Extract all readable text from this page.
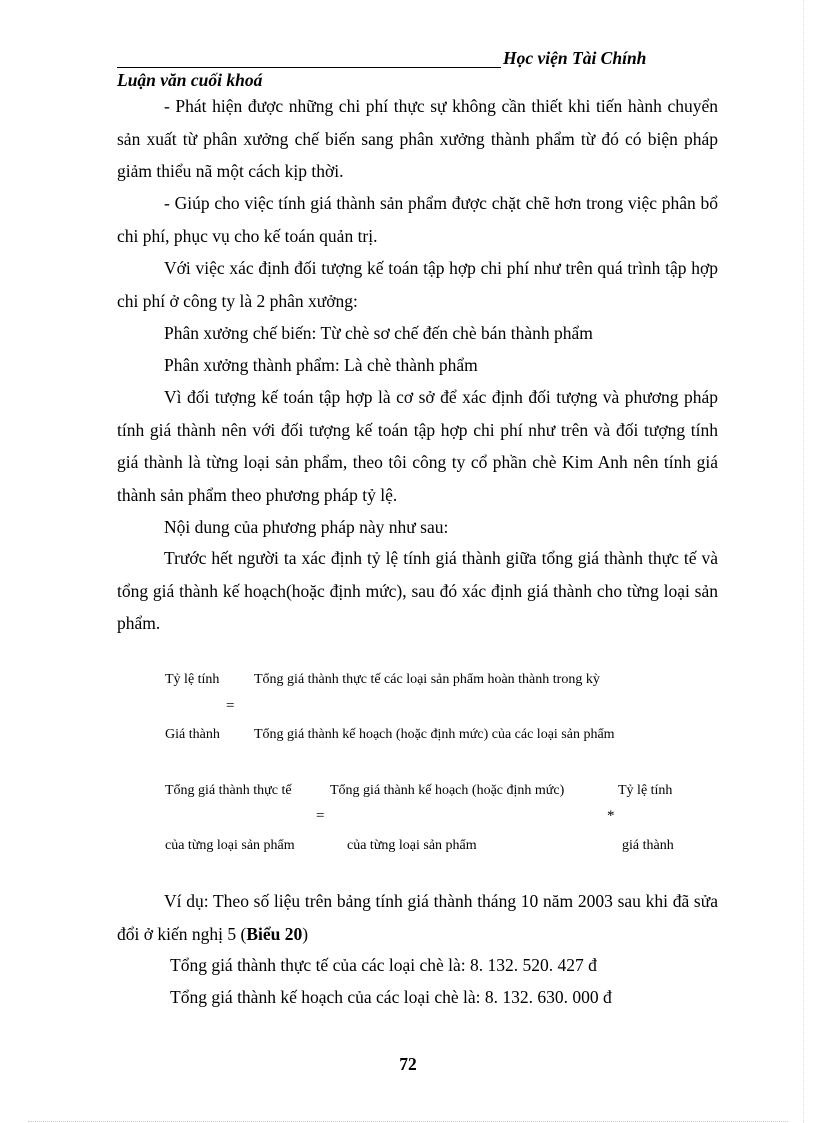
Học viện Tài Chính
Luận văn cuối khoá

- Phát hiện được những chi phí thực sự không cần thiết khi tiến hành chuyển sản xuất từ phân xưởng chế biến sang phân xưởng thành phẩm từ đó có biện pháp giảm thiểu nã một cách kịp thời.

- Giúp cho việc tính giá thành sản phẩm được chặt chẽ hơn trong việc phân bổ chi phí, phục vụ cho kế toán quản trị.

Với việc xác định đối tượng kế toán tập hợp chi phí như trên quá trình tập hợp chi phí ở công ty là 2 phân xưởng:

Phân xưởng chế biến: Từ chè sơ chế đến chè bán thành phẩm

Phân xưởng thành phẩm: Là chè thành phẩm

Vì đối tượng kế toán tập hợp là cơ sở để xác định đối tượng và phương pháp tính giá thành nên với đối tượng kế toán tập hợp chi phí như trên và đối tượng tính giá thành là từng loại sản phẩm, theo tôi công ty cổ phần chè Kim Anh nên tính giá thành sản phẩm theo phương pháp tỷ lệ.

Nội dung của phương pháp này như sau:

Trước hết người ta xác định tỷ lệ tính giá thành giữa tổng giá thành thực tế và tổng giá thành kế hoạch(hoặc định mức), sau đó xác định giá thành cho từng loại sản phẩm.

Tỷ lệ tính
=
Giá thành
Tổng giá thành thực tế các loại sản phẩm hoàn thành trong kỳ
Tổng giá thành kế hoạch (hoặc định mức) của các loại sản phẩm
Tổng giá thành thực tế
=
Tổng giá thành kế hoạch (hoặc định mức)	Tỷ lệ tính
*
của từng loại sản phẩm	của từng loại sản phẩm	giá thành

Ví dụ: Theo số liệu trên bảng tính giá thành tháng 10 năm 2003 sau khi đã sửa đổi ở kiến nghị 5 (Biểu 20)

Tổng giá thành thực tế của các loại chè là: 8. 132. 520. 427 đ
Tổng giá thành kế hoạch của các loại chè là: 8. 132. 630. 000 đ
72
